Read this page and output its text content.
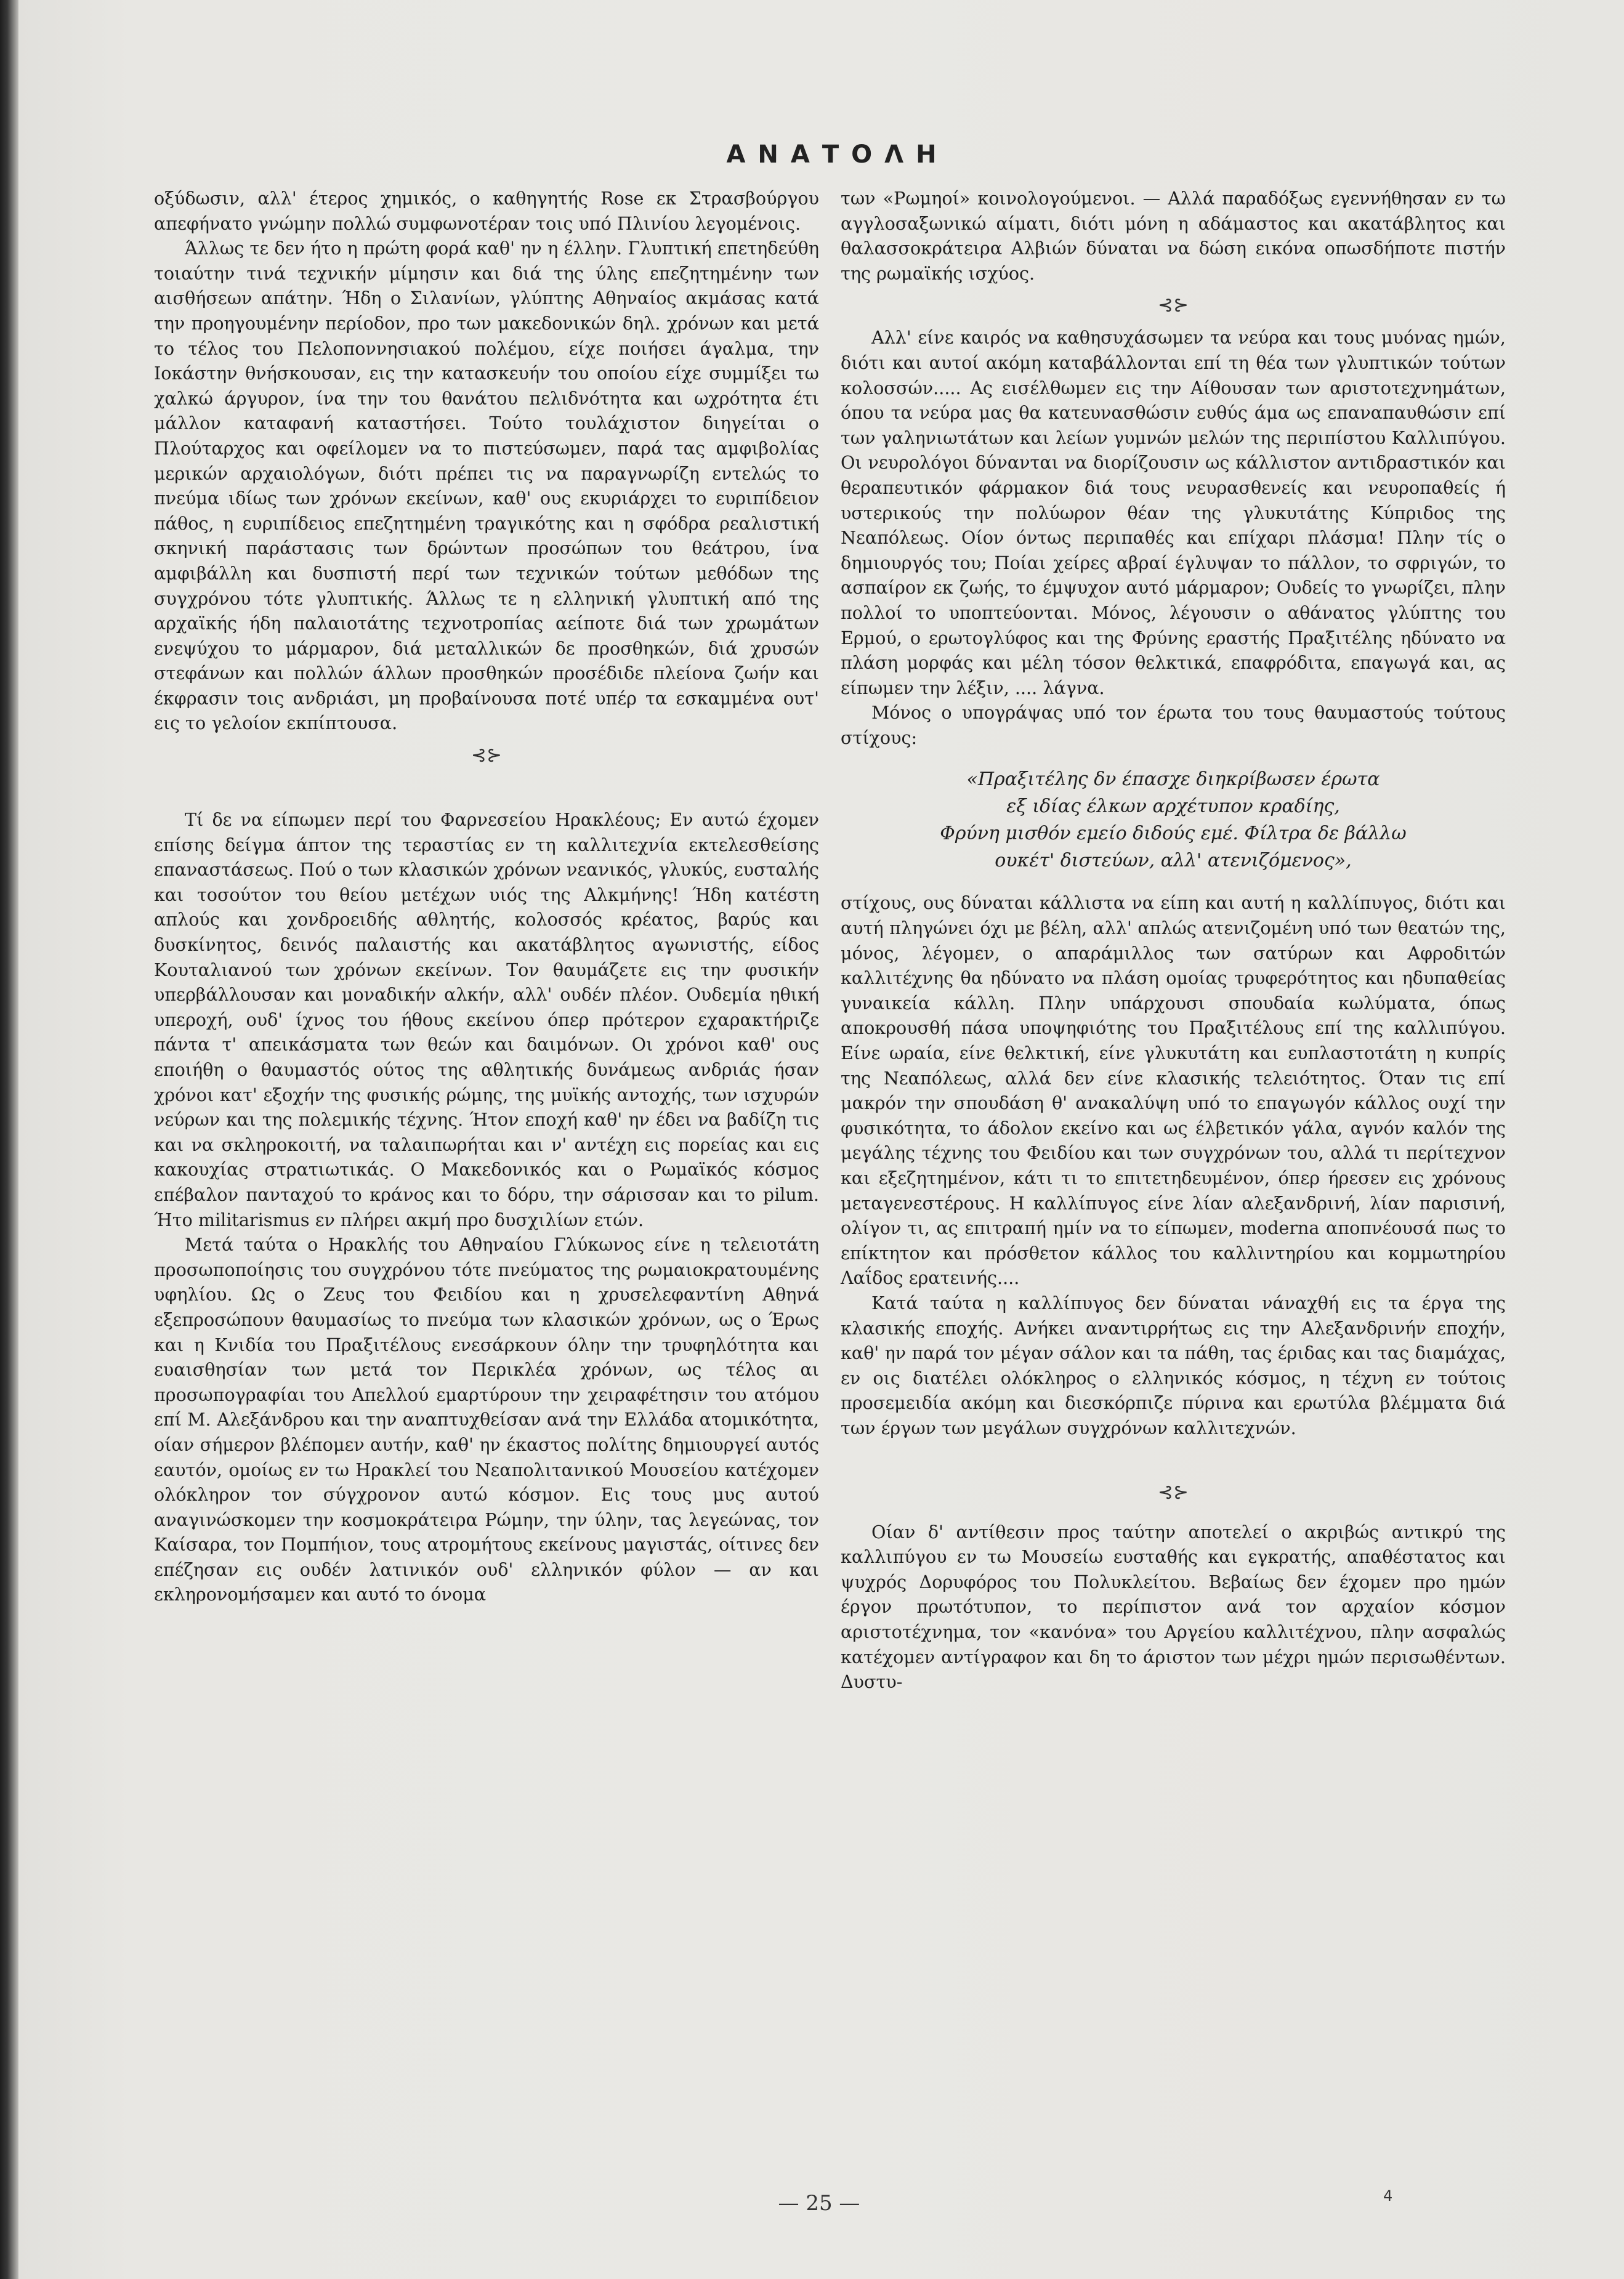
ΑΝΑΤΟΛΗ

οξύδωσιν, αλλ' έτερος χημικός, ο καθηγητής Rose εκ Στρασβούργου απεφήνατο γνώμην πολλώ συμφωνοτέραν τοις υπό Πλινίου λεγομένοις.

Άλλως τε δεν ήτο η πρώτη φορά καθ' ην η έλλην. Γλυπτική επετηδεύθη τοιαύτην τινά τεχνικήν μίμησιν και διά της ύλης επεζητημένην των αισθήσεων απάτην. Ήδη ο Σιλανίων, γλύπτης Αθηναίος ακμάσας κατά την προηγουμένην περίοδον, προ των μακεδονικών δηλ. χρόνων και μετά το τέλος του Πελοποννησιακού πολέμου, είχε ποιήσει άγαλμα, την Ιοκάστην θνήσκουσαν, εις την κατασκευήν του οποίου είχε συμμίξει τω χαλκώ άργυρον, ίνα την του θανάτου πελιδνότητα και ωχρότητα έτι μάλλον καταφανή καταστήσει. Τούτο τουλάχιστον διηγείται ο Πλούταρχος και οφείλομεν να το πιστεύσωμεν, παρά τας αμφιβολίας μερικών αρχαιολόγων, διότι πρέπει τις να παραγνωρίζη εντελώς το πνεύμα ιδίως των χρόνων εκείνων, καθ' ους εκυριάρχει το ευριπίδειον πάθος, η ευριπίδειος επεζητημένη τραγικότης και η σφόδρα ρεαλιστική σκηνική παράστασις των δρώντων προσώπων του θεάτρου, ίνα αμφιβάλλη και δυσπιστή περί των τεχνικών τούτων μεθόδων της συγχρόνου τότε γλυπτικής. Άλλως τε η ελληνική γλυπτική από της αρχαϊκής ήδη παλαιοτάτης τεχνοτροπίας αείποτε διά των χρωμάτων ενεψύχου το μάρμαρον, διά μεταλλικών δε προσθηκών, διά χρυσών στεφάνων και πολλών άλλων προσθηκών προσέδιδε πλείονα ζωήν και έκφρασιν τοις ανδριάσι, μη προβαίνουσα ποτέ υπέρ τα εσκαμμένα ουτ' εις το γελοίον εκπίπτουσα.

⊰⊱

Τί δε να είπωμεν περί του Φαρνεσείου Ηρακλέους; Εν αυτώ έχομεν επίσης δείγμα άπτον της τεραστίας εν τη καλλιτεχνία εκτελεσθείσης επαναστάσεως. Πού ο των κλασικών χρόνων νεανικός, γλυκύς, ευσταλής και τοσούτον του θείου μετέχων υιός της Αλκμήνης! Ήδη κατέστη απλούς και χονδροειδής αθλητής, κολοσσός κρέατος, βαρύς και δυσκίνητος, δεινός παλαιστής και ακατάβλητος αγωνιστής, είδος Κουταλιανού των χρόνων εκείνων. Τον θαυμάζετε εις την φυσικήν υπερβάλλουσαν και μοναδικήν αλκήν, αλλ' ουδέν πλέον. Ουδεμία ηθική υπεροχή, ουδ' ίχνος του ήθους εκείνου όπερ πρότερον εχαρακτήριζε πάντα τ' απεικάσματα των θεών και δαιμόνων. Οι χρόνοι καθ' ους εποιήθη ο θαυμαστός ούτος της αθλητικής δυνάμεως ανδριάς ήσαν χρόνοι κατ' εξοχήν της φυσικής ρώμης, της μυϊκής αντοχής, των ισχυρών νεύρων και της πολεμικής τέχνης. Ήτον εποχή καθ' ην έδει να βαδίζη τις και να σκληροκοιτή, να ταλαιπωρήται και ν' αντέχη εις πορείας και εις κακουχίας στρατιωτικάς. Ο Μακεδονικός και ο Ρωμαϊκός κόσμος επέβαλον πανταχού το κράνος και το δόρυ, την σάρισσαν και το pilum. Ήτο militarismus εν πλήρει ακμή προ δυσχιλίων ετών.

Μετά ταύτα ο Ηρακλής του Αθηναίου Γλύκωνος είνε η τελειοτάτη προσωποποίησις του συγχρόνου τότε πνεύματος της ρωμαιοκρατουμένης υφηλίου. Ως ο Ζευς του Φειδίου και η χρυσελεφαντίνη Αθηνά εξεπροσώπουν θαυμασίως το πνεύμα των κλασικών χρόνων, ως ο Έρως και η Κνιδία του Πραξιτέλους ενεσάρκουν όλην την τρυφηλότητα και ευαισθησίαν των μετά τον Περικλέα χρόνων, ως τέλος αι προσωπογραφίαι του Απελλού εμαρτύρουν την χειραφέτησιν του ατόμου επί Μ. Αλεξάνδρου και την αναπτυχθείσαν ανά την Ελλάδα ατομικότητα, οίαν σήμερον βλέπομεν αυτήν, καθ' ην έκαστος πολίτης δημιουργεί αυτός εαυτόν, ομοίως εν τω Ηρακλεί του Νεαπολιτανικού Μουσείου κατέχομεν ολόκληρον τον σύγχρονον αυτώ κόσμον. Εις τους μυς αυτού αναγινώσκομεν την κοσμοκράτειρα Ρώμην, την ύλην, τας λεγεώνας, τον Καίσαρα, τον Πομπήιον, τους ατρομήτους εκείνους μαγιστάς, οίτινες δεν επέζησαν εις ουδέν λατινικόν ουδ' ελληνικόν φύλον — αν και εκληρονομήσαμεν και αυτό το όνομα

των «Ρωμηοί» κοινολογούμενοι. — Αλλά παραδόξως εγεννήθησαν εν τω αγγλοσαξωνικώ αίματι, διότι μόνη η αδάμαστος και ακατάβλητος και θαλασσοκράτειρα Αλβιών δύναται να δώση εικόνα οπωσδήποτε πιστήν της ρωμαϊκής ισχύος.

⊰⊱

Αλλ' είνε καιρός να καθησυχάσωμεν τα νεύρα και τους μυόνας ημών, διότι και αυτοί ακόμη καταβάλλονται επί τη θέα των γλυπτικών τούτων κολοσσών..... Ας εισέλθωμεν εις την Αίθουσαν των αριστοτεχνημάτων, όπου τα νεύρα μας θα κατευνασθώσιν ευθύς άμα ως επαναπαυθώσιν επί των γαληνιωτάτων και λείων γυμνών μελών της περιπίστου Καλλιπύγου. Οι νευρολόγοι δύνανται να διορίζουσιν ως κάλλιστον αντιδραστικόν και θεραπευτικόν φάρμακον διά τους νευρασθενείς και νευροπαθείς ή υστερικούς την πολύωρον θέαν της γλυκυτάτης Κύπριδος της Νεαπόλεως. Οίον όντως περιπαθές και επίχαρι πλάσμα! Πλην τίς ο δημιουργός του; Ποίαι χείρες αβραί έγλυψαν το πάλλον, το σφριγών, το ασπαίρον εκ ζωής, το έμψυχον αυτό μάρμαρον; Ουδείς το γνωρίζει, πλην πολλοί το υποπτεύονται. Μόνος, λέγουσιν ο αθάνατος γλύπτης του Ερμού, ο ερωτογλύφος και της Φρύνης εραστής Πραξιτέλης ηδύνατο να πλάση μορφάς και μέλη τόσον θελκτικά, επαφρόδιτα, επαγωγά και, ας είπωμεν την λέξιν, .... λάγνα.

Μόνος ο υπογράψας υπό τον έρωτα του τους θαυμαστούς τούτους στίχους:

«Πραξιτέλης δν έπασχε διηκρίβωσεν έρωτα
εξ ιδίας έλκων αρχέτυπον κραδίης,
Φρύνη μισθόν εμείο διδούς εμέ. Φίλτρα δε βάλλω
ουκέτ' διστεύων, αλλ' ατενιζόμενος»,

στίχους, ους δύναται κάλλιστα να είπη και αυτή η καλλίπυγος, διότι και αυτή πληγώνει όχι με βέλη, αλλ' απλώς ατενιζομένη υπό των θεατών της, μόνος, λέγομεν, ο απαράμιλλος των σατύρων και Αφροδιτών καλλιτέχνης θα ηδύνατο να πλάση ομοίας τρυφερότητος και ηδυπαθείας γυναικεία κάλλη. Πλην υπάρχουσι σπουδαία κωλύματα, όπως αποκρουσθή πάσα υποψηφιότης του Πραξιτέλους επί της καλλιπύγου. Είνε ωραία, είνε θελκτική, είνε γλυκυτάτη και ευπλαστοτάτη η κυπρίς της Νεαπόλεως, αλλά δεν είνε κλασικής τελειότητος. Όταν τις επί μακρόν την σπουδάση θ' ανακαλύψη υπό το επαγωγόν κάλλος ουχί την φυσικότητα, το άδολον εκείνο και ως έλβετικόν γάλα, αγνόν καλόν της μεγάλης τέχνης του Φειδίου και των συγχρόνων του, αλλά τι περίτεχνον και εξεζητημένον, κάτι τι το επιτετηδευμένον, όπερ ήρεσεν εις χρόνους μεταγενεστέρους. Η καλλίπυγος είνε λίαν αλεξανδρινή, λίαν παρισινή, ολίγον τι, ας επιτραπή ημίν να το είπωμεν, moderna αποπνέουσά πως το επίκτητον και πρόσθετον κάλλος του καλλιντηρίου και κομμωτηρίου Λαΐδος ερατεινής....

Κατά ταύτα η καλλίπυγος δεν δύναται νάναχθή εις τα έργα της κλασικής εποχής. Ανήκει αναντιρρήτως εις την Αλεξανδρινήν εποχήν, καθ' ην παρά τον μέγαν σάλον και τα πάθη, τας έριδας και τας διαμάχας, εν οις διατέλει ολόκληρος ο ελληνικός κόσμος, η τέχνη εν τούτοις προσεμειδία ακόμη και διεσκόρπιζε πύρινα και ερωτύλα βλέμματα διά των έργων των μεγάλων συγχρόνων καλλιτεχνών.

⊰⊱

Οίαν δ' αντίθεσιν προς ταύτην αποτελεί ο ακριβώς αντικρύ της καλλιπύγου εν τω Μουσείω ευσταθής και εγκρατής, απαθέστατος και ψυχρός Δορυφόρος του Πολυκλείτου. Βεβαίως δεν έχομεν προ ημών έργον πρωτότυπον, το περίπιστον ανά τον αρχαίον κόσμον αριστοτέχνημα, τον «κανόνα» του Αργείου καλλιτέχνου, πλην ασφαλώς κατέχομεν αντίγραφον και δη το άριστον των μέχρι ημών περισωθέντων. Δυστυ-

— 25 —	4
